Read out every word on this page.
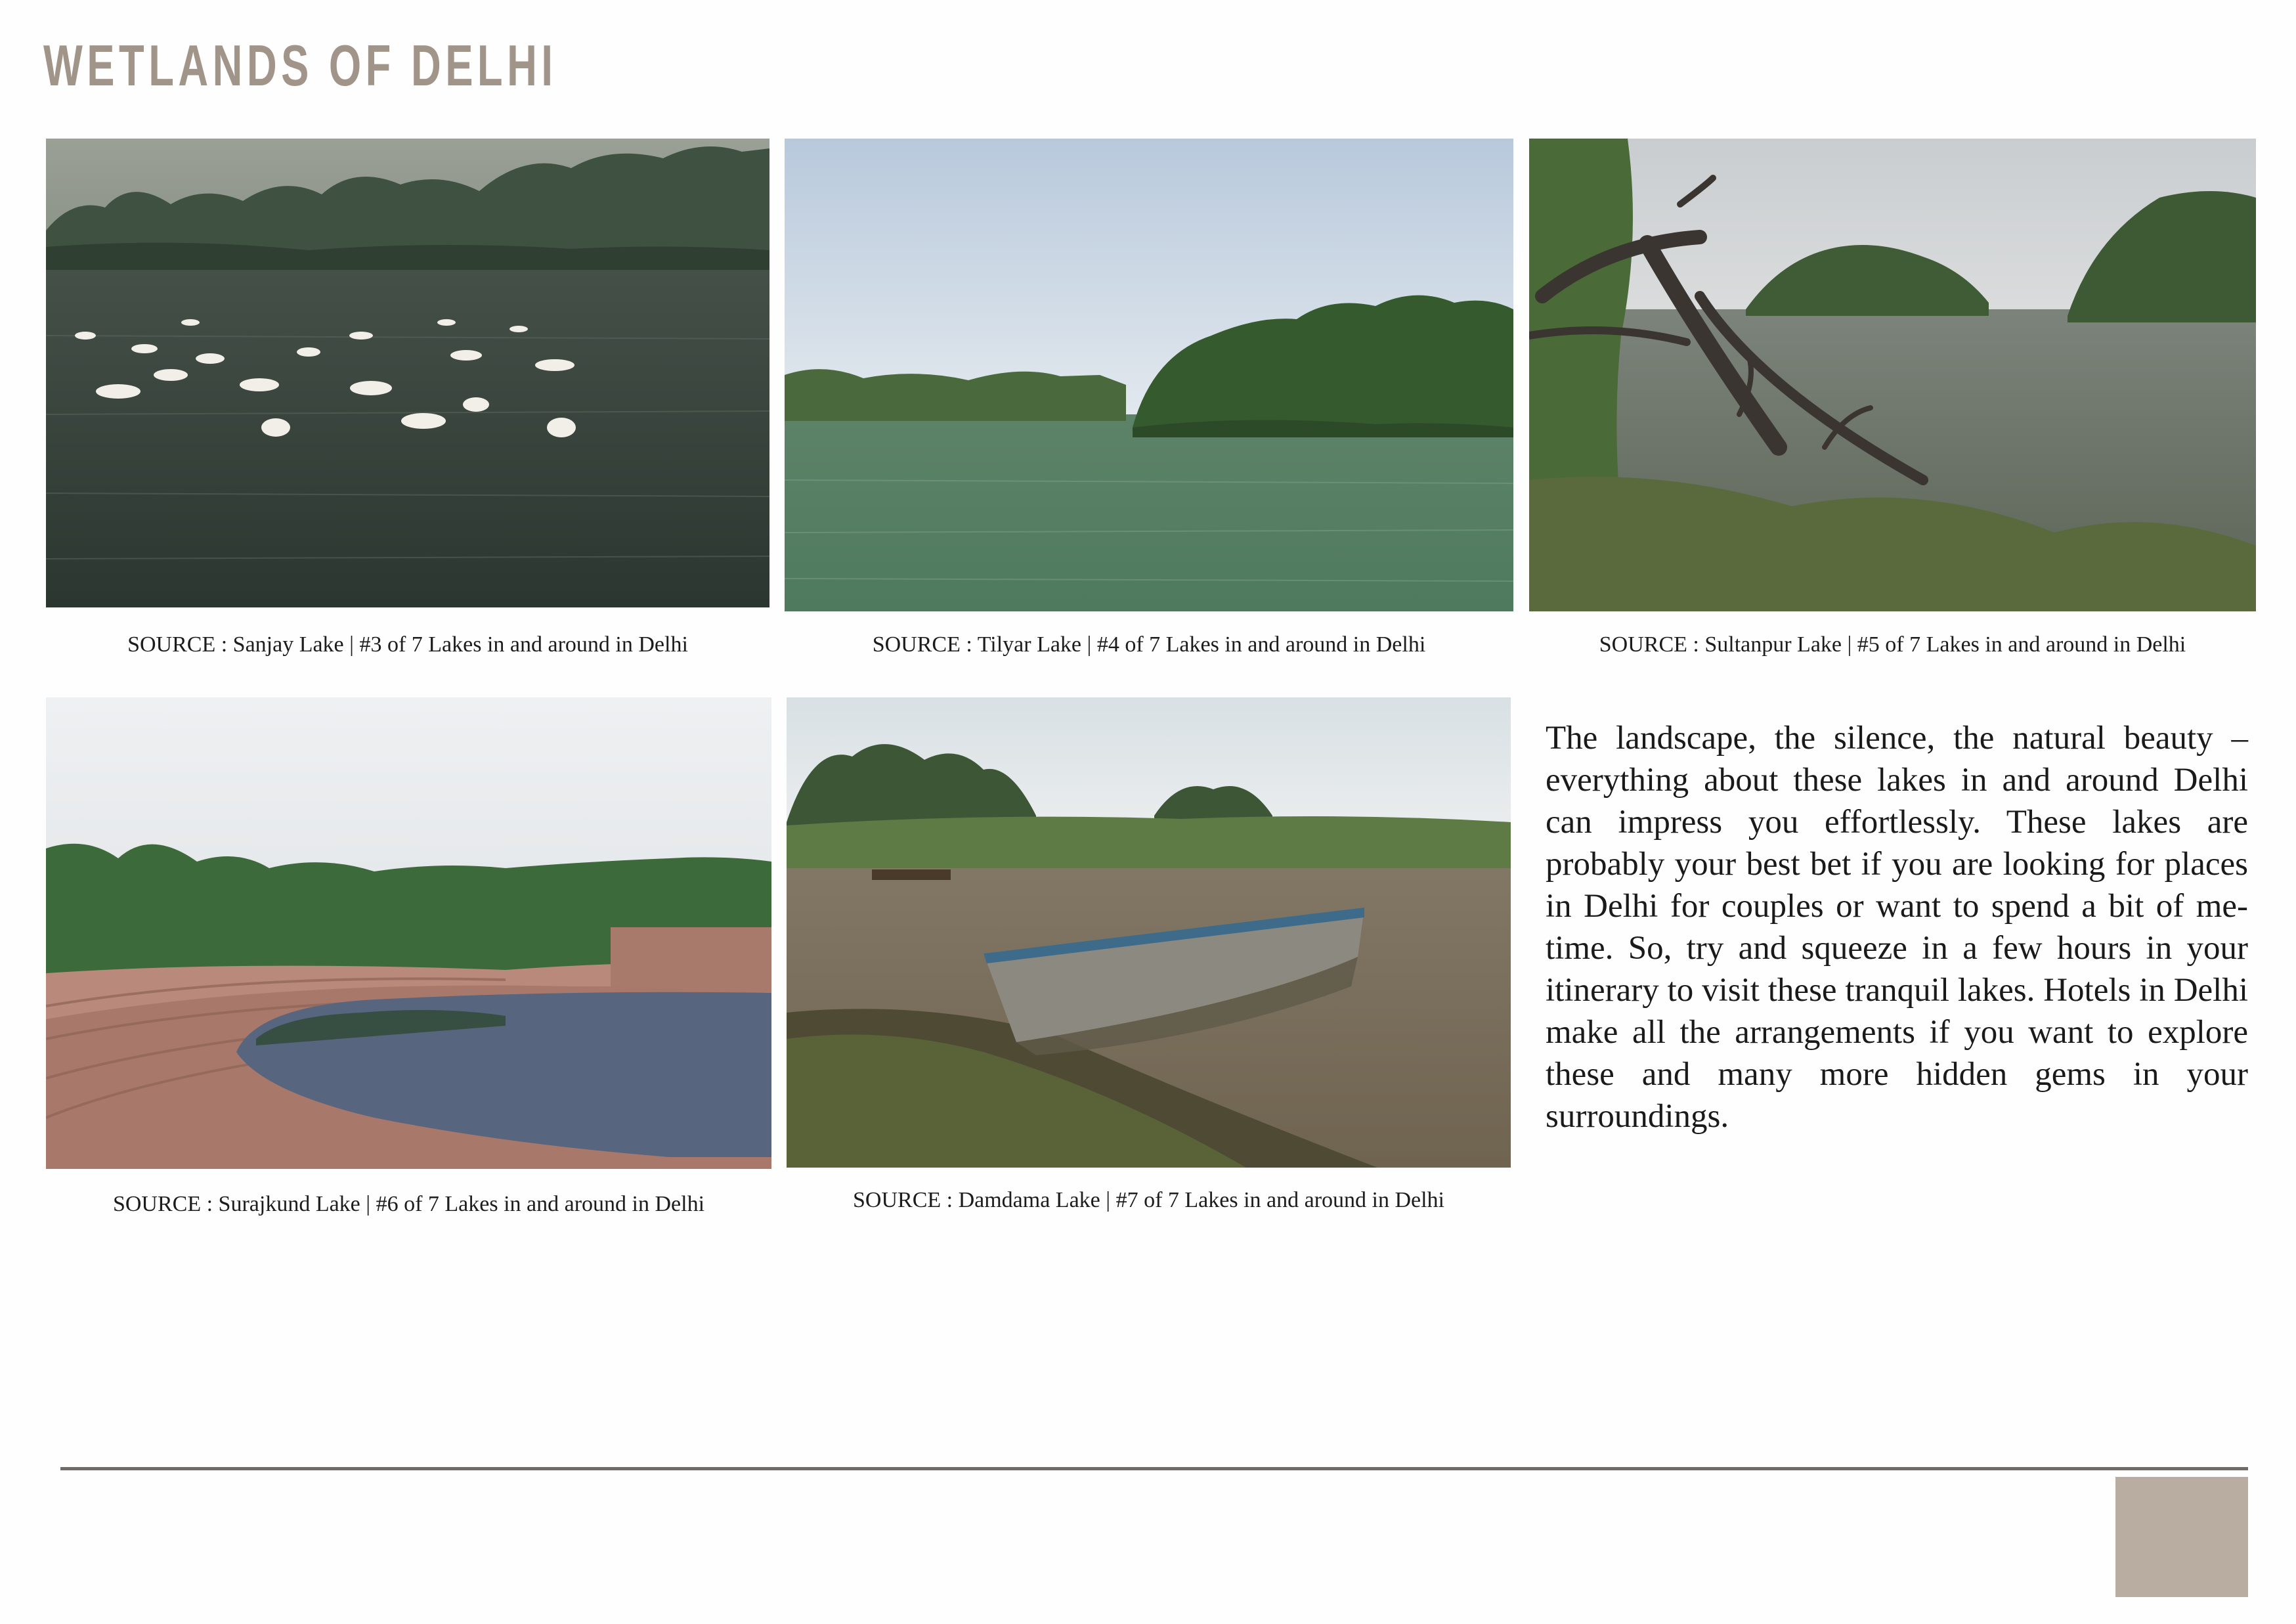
WETLANDS OF DELHI
SOURCE : Sanjay Lake | #3 of 7 Lakes in and around in Delhi	SOURCE : Tilyar Lake | #4 of 7 Lakes in and around in Delhi	SOURCE : Sultanpur Lake | #5 of 7 Lakes in and around in Delhi
SOURCE : Surajkund Lake | #6 of 7 Lakes in and around in Delhi	SOURCE : Damdama Lake | #7 of 7 Lakes in and around in Delhi
The landscape, the silence, the natural beauty – everything about these lakes in and around Delhi can impress you effortlessly. These lakes are probably your best bet if you are looking for places in Delhi for couples or want to spend a bit of me-time. So, try and squeeze in a few hours in your itinerary to visit these tranquil lakes. Hotels in Delhi make all the arrangements if you want to explore these and many more hidden gems in your surroundings.
